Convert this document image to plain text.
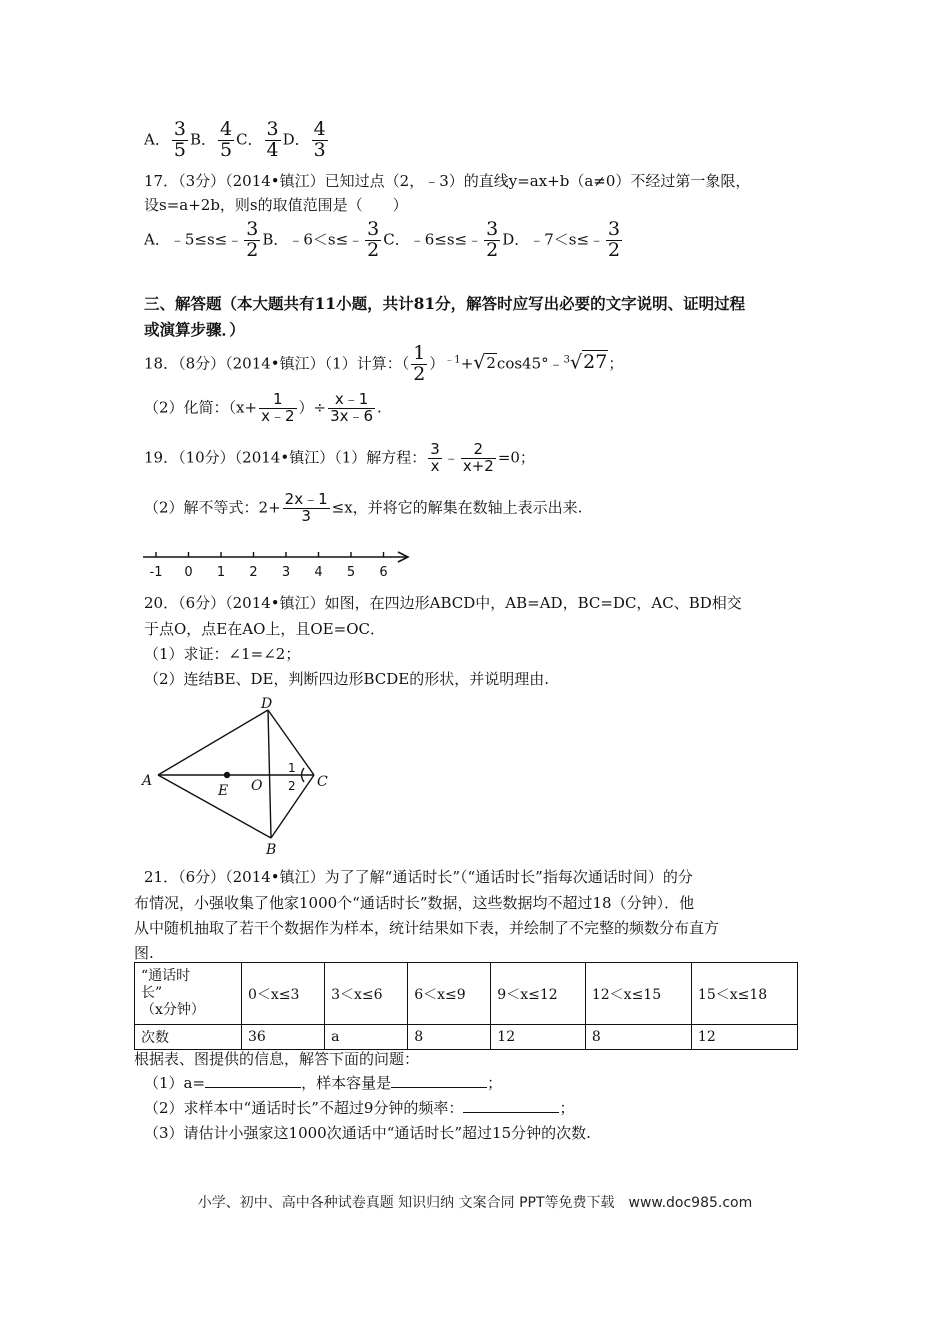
A． $\frac{3}{5}$ B． $\frac{4}{5}$ C． $\frac{3}{4}$ D． $\frac{4}{3}$
17．（3分）（2014•镇江）已知过点（2，﹣3）的直线y=ax+b（a≠0）不经过第一象限，
设s=a+2b，则s的取值范围是（　　）
A．﹣5≤s≤﹣ $\frac{3}{2}$ B．﹣6＜s≤﹣ $\frac{3}{2}$ C．﹣6≤s≤﹣ $\frac{3}{2}$ D．﹣7＜s≤﹣ $\frac{3}{2}$
三、解答题（本大题共有11小题，共计81分，解答时应写出必要的文字说明、证明过程
或演算步骤．）
18．（8分）（2014•镇江）（1）计算：（ $\frac{1}{2}$ ）$^{﹣1}$+√2cos45°﹣$^3$√27；
（2）化简：（$x+ \frac{1}{x﹣2}$ ）÷ $\frac{x﹣1}{3x﹣6}$ .
19．（10分）（2014•镇江）（1）解方程： $\frac{3}{x}$ ﹣ $\frac{2}{x+2} =0$；
（2）解不等式：$2+ \frac{2x﹣1}{3} \le x$，并将它的解集在数轴上表示出来.
-1 0 1 2 3 4 5 6
20．（6分）（2014•镇江）如图，在四边形ABCD中，AB=AD，BC=DC，AC、BD相交
于点O，点E在AO上，且OE=OC．
（1）求证：∠1=∠2；
（2）连结BE、DE，判断四边形BCDE的形状，并说明理由.
D
A
E O	C
B
1
2
21．（6分）（2014•镇江）为了了解“通话时长”（“通话时长”指每次通话时间）的分
布情况，小强收集了他家1000个“通话时长”数据，这些数据均不超过18（分钟）．他
从中随机抽取了若干个数据作为样本，统计结果如下表，并绘制了不完整的频数分布直方
图.
“通话时
长”
（x分钟）	0＜x≤3	3＜x≤6	6＜x≤9	9＜x≤12	12＜x≤15	15＜x≤18
次数	36	a	8	12	8	12
根据表、图提供的信息，解答下面的问题：
（1）a=	，样本容量是	；
（2）求样本中“通话时长”不超过9分钟的频率：	；
（3）请估计小强家这1000次通话中“通话时长”超过15分钟的次数.
小学、初中、高中各种试卷真题 知识归纳 文案合同 PPT等免费下载　www.doc985.com
